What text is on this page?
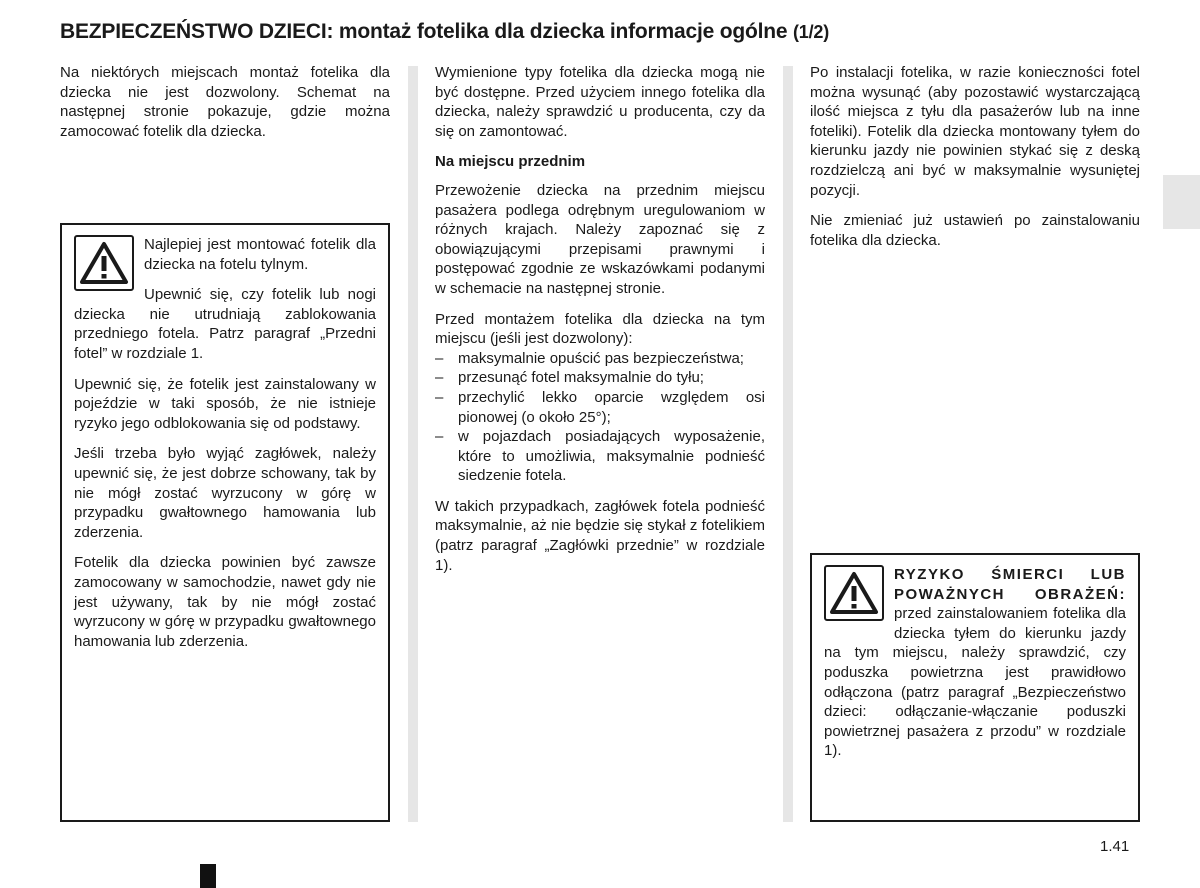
BEZPIECZEŃSTWO DZIECI: montaż fotelika dla dziecka informacje ogólne (1/2)

Na niektórych miejscach montaż fotelika dla dziecka nie jest dozwolony. Schemat na następnej stronie pokazuje, gdzie można zamocować fotelik dla dziecka.

Najlepiej jest montować fotelik dla dziecka na fotelu tylnym.

Upewnić się, czy fotelik lub nogi dziecka nie utrudniają zablokowania przedniego fotela. Patrz paragraf „Przedni fotel” w rozdziale 1.

Upewnić się, że fotelik jest zainstalowany w pojeździe w taki sposób, że nie istnieje ryzyko jego odblokowania się od podstawy.

Jeśli trzeba było wyjąć zagłówek, należy upewnić się, że jest dobrze schowany, tak by nie mógł zostać wyrzucony w górę w przypadku gwałtownego hamowania lub zderzenia.

Fotelik dla dziecka powinien być zawsze zamocowany w samochodzie, nawet gdy nie jest używany, tak by nie mógł zostać wyrzucony w górę w przypadku gwałtownego hamowania lub zderzenia.

Wymienione typy fotelika dla dziecka mogą nie być dostępne. Przed użyciem innego fotelika dla dziecka, należy sprawdzić u producenta, czy da się on zamontować.

Na miejscu przednim

Przewożenie dziecka na przednim miejscu pasażera podlega odrębnym uregulowaniom w różnych krajach. Należy zapoznać się z obowiązującymi przepisami prawnymi i postępować zgodnie ze wskazówkami podanymi w schemacie na następnej stronie.

Przed montażem fotelika dla dziecka na tym miejscu (jeśli jest dozwolony):

– maksymalnie opuścić pas bezpieczeństwa;
– przesunąć fotel maksymalnie do tyłu;
– przechylić lekko oparcie względem osi pionowej (o około 25°);
– w pojazdach posiadających wyposażenie, które to umożliwia, maksymalnie podnieść siedzenie fotela.

W takich przypadkach, zagłówek fotela podnieść maksymalnie, aż nie będzie się stykał z fotelikiem (patrz paragraf „Zagłówki przednie” w rozdziale 1).

Po instalacji fotelika, w razie konieczności fotel można wysunąć (aby pozostawić wystarczającą ilość miejsca z tyłu dla pasażerów lub na inne foteliki). Fotelik dla dziecka montowany tyłem do kierunku jazdy nie powinien stykać się z deską rozdzielczą ani być w maksymalnie wysuniętej pozycji.

Nie zmieniać już ustawień po zainstalowaniu fotelika dla dziecka.

RYZYKO ŚMIERCI LUB POWAŻNYCH OBRAŻEŃ: przed zainstalowaniem fotelika dla dziecka tyłem do kierunku jazdy na tym miejscu, należy sprawdzić, czy poduszka powietrzna jest prawidłowo odłączona (patrz paragraf „Bezpieczeństwo dzieci: odłączanie-włączanie poduszki powietrznej pasażera z przodu” w rozdziale 1).

1.41
